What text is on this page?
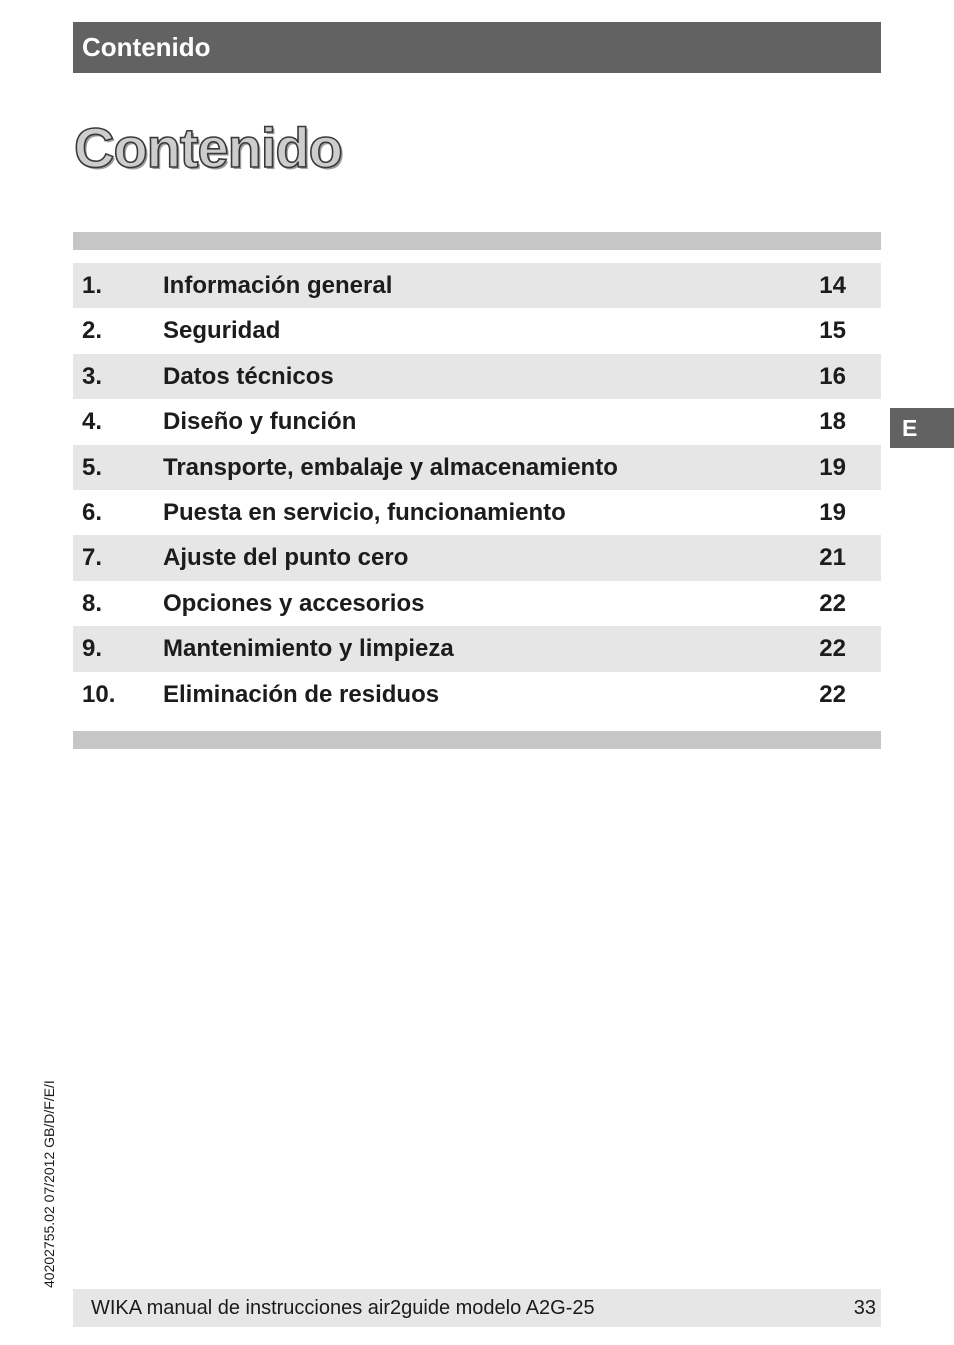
Contenido
Contenido
1.	Información general	14
2.	Seguridad	15
3.	Datos técnicos	16
4.	Diseño y función	18
5.	Transporte, embalaje y almacenamiento	19
6.	Puesta en servicio, funcionamiento	19
7.	Ajuste del punto cero	21
8.	Opciones y accesorios	22
9.	Mantenimiento y limpieza	22
10. Eliminación de residuos	22
E
40202755.02 07/2012 GB/D/F/E/I
WIKA manual de instrucciones air2guide modelo A2G-25	33
